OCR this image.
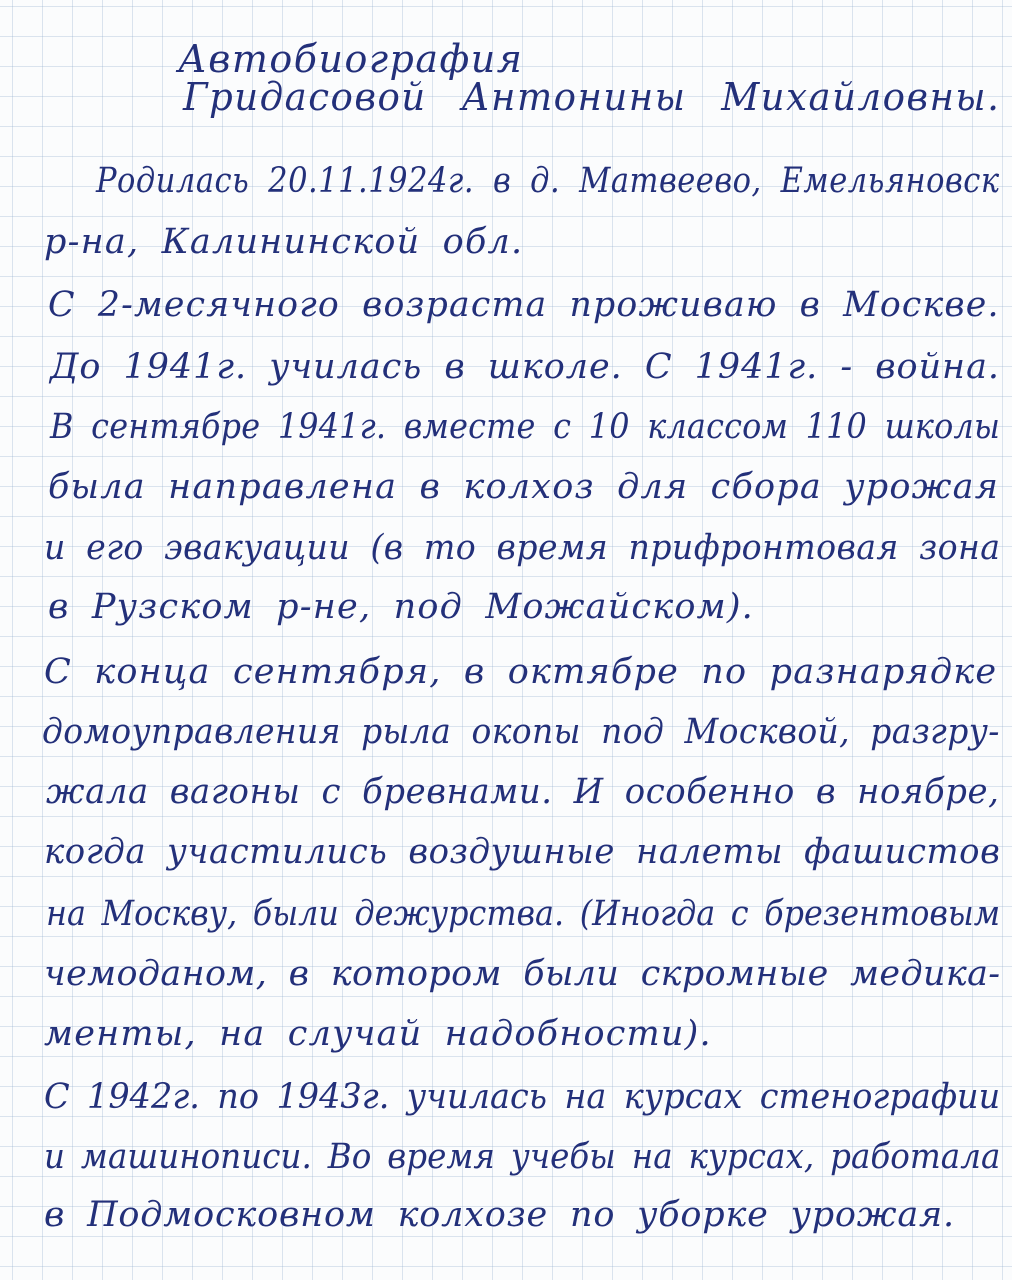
Автобиография
Гридасовой Антонины Михайловны.
Родилась 20.11.1924г. в д. Матвеево, Емельяновск
р-на, Калининской обл.
С 2-месячного возраста проживаю в Москве.
До 1941г. училась в школе. С 1941г. - война.
В сентябре 1941г. вместе с 10 классом 110 школы
была направлена в колхоз для сбора урожая
и его эвакуации (в то время прифронтовая зона
в Рузском р-не, под Можайском).
С конца сентября, в октябре по разнарядке
домоуправления рыла окопы под Москвой, разгру-
жала вагоны с бревнами. И особенно в ноябре,
когда участились воздушные налеты фашистов
на Москву, были дежурства. (Иногда с брезентовым
чемоданом, в котором были скромные медика-
менты, на случай надобности).
С 1942г. по 1943г. училась на курсах стенографии
и машинописи. Во время учебы на курсах, работала
в Подмосковном колхозе по уборке урожая.
